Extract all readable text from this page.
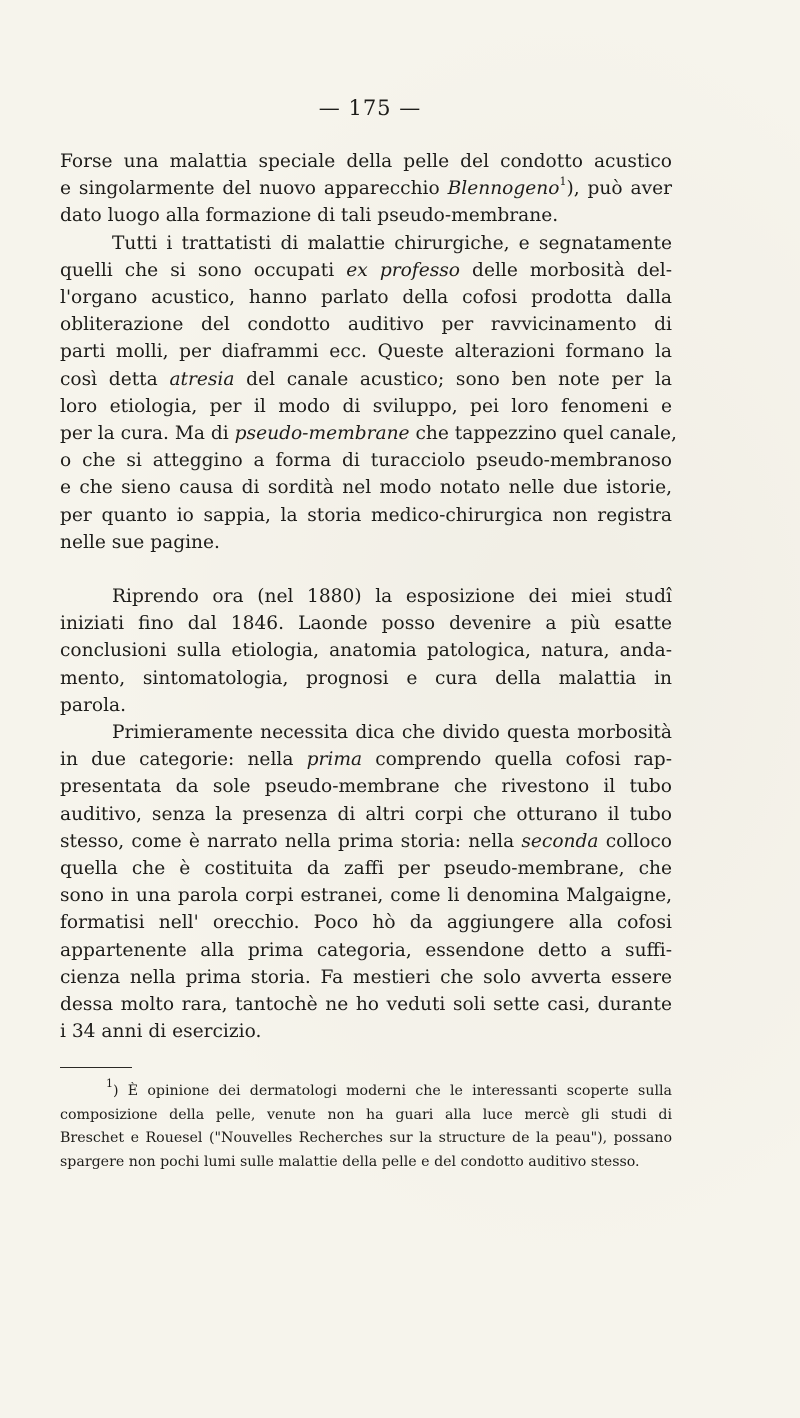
— 175 —
Forse una malattia speciale della pelle del condotto acustico
e singolarmente del nuovo apparecchio Blennogeno$^1$), può aver
dato luogo alla formazione di tali pseudo-membrane.
Tutti i trattatisti di malattie chirurgiche, e segnatamente
quelli che si sono occupati ex professo delle morbosità del-
l'organo acustico, hanno parlato della cofosi prodotta dalla
obliterazione del condotto auditivo per ravvicinamento di
parti molli, per diaframmi ecc. Queste alterazioni formano la
così detta atresia del canale acustico; sono ben note per la
loro etiologia, per il modo di sviluppo, pei loro fenomeni e
per la cura. Ma di pseudo-membrane che tappezzino quel canale,
o che si atteggino a forma di turacciolo pseudo-membranoso
e che sieno causa di sordità nel modo notato nelle due istorie,
per quanto io sappia, la storia medico-chirurgica non registra
nelle sue pagine.
Riprendo ora (nel 1880) la esposizione dei miei studî
iniziati fino dal 1846. Laonde posso devenire a più esatte
conclusioni sulla etiologia, anatomia patologica, natura, anda-
mento, sintomatologia, prognosi e cura della malattia in
parola.
Primieramente necessita dica che divido questa morbosità
in due categorie: nella prima comprendo quella cofosi rap-
presentata da sole pseudo-membrane che rivestono il tubo
auditivo, senza la presenza di altri corpi che otturano il tubo
stesso, come è narrato nella prima storia: nella seconda colloco
quella che è costituita da zaffi per pseudo-membrane, che
sono in una parola corpi estranei, come li denomina Malgaigne,
formatisi nell' orecchio. Poco hò da aggiungere alla cofosi
appartenente alla prima categoria, essendone detto a suffi-
cienza nella prima storia. Fa mestieri che solo avverta essere
dessa molto rara, tantochè ne ho veduti soli sette casi, durante
i 34 anni di esercizio.
$^1$) È opinione dei dermatologi moderni che le interessanti scoperte sulla
composizione della pelle, venute non ha guari alla luce mercè gli studi di
Breschet e Rouesel ("Nouvelles Recherches sur la structure de la peau"), possano
spargere non pochi lumi sulle malattie della pelle e del condotto auditivo stesso.
